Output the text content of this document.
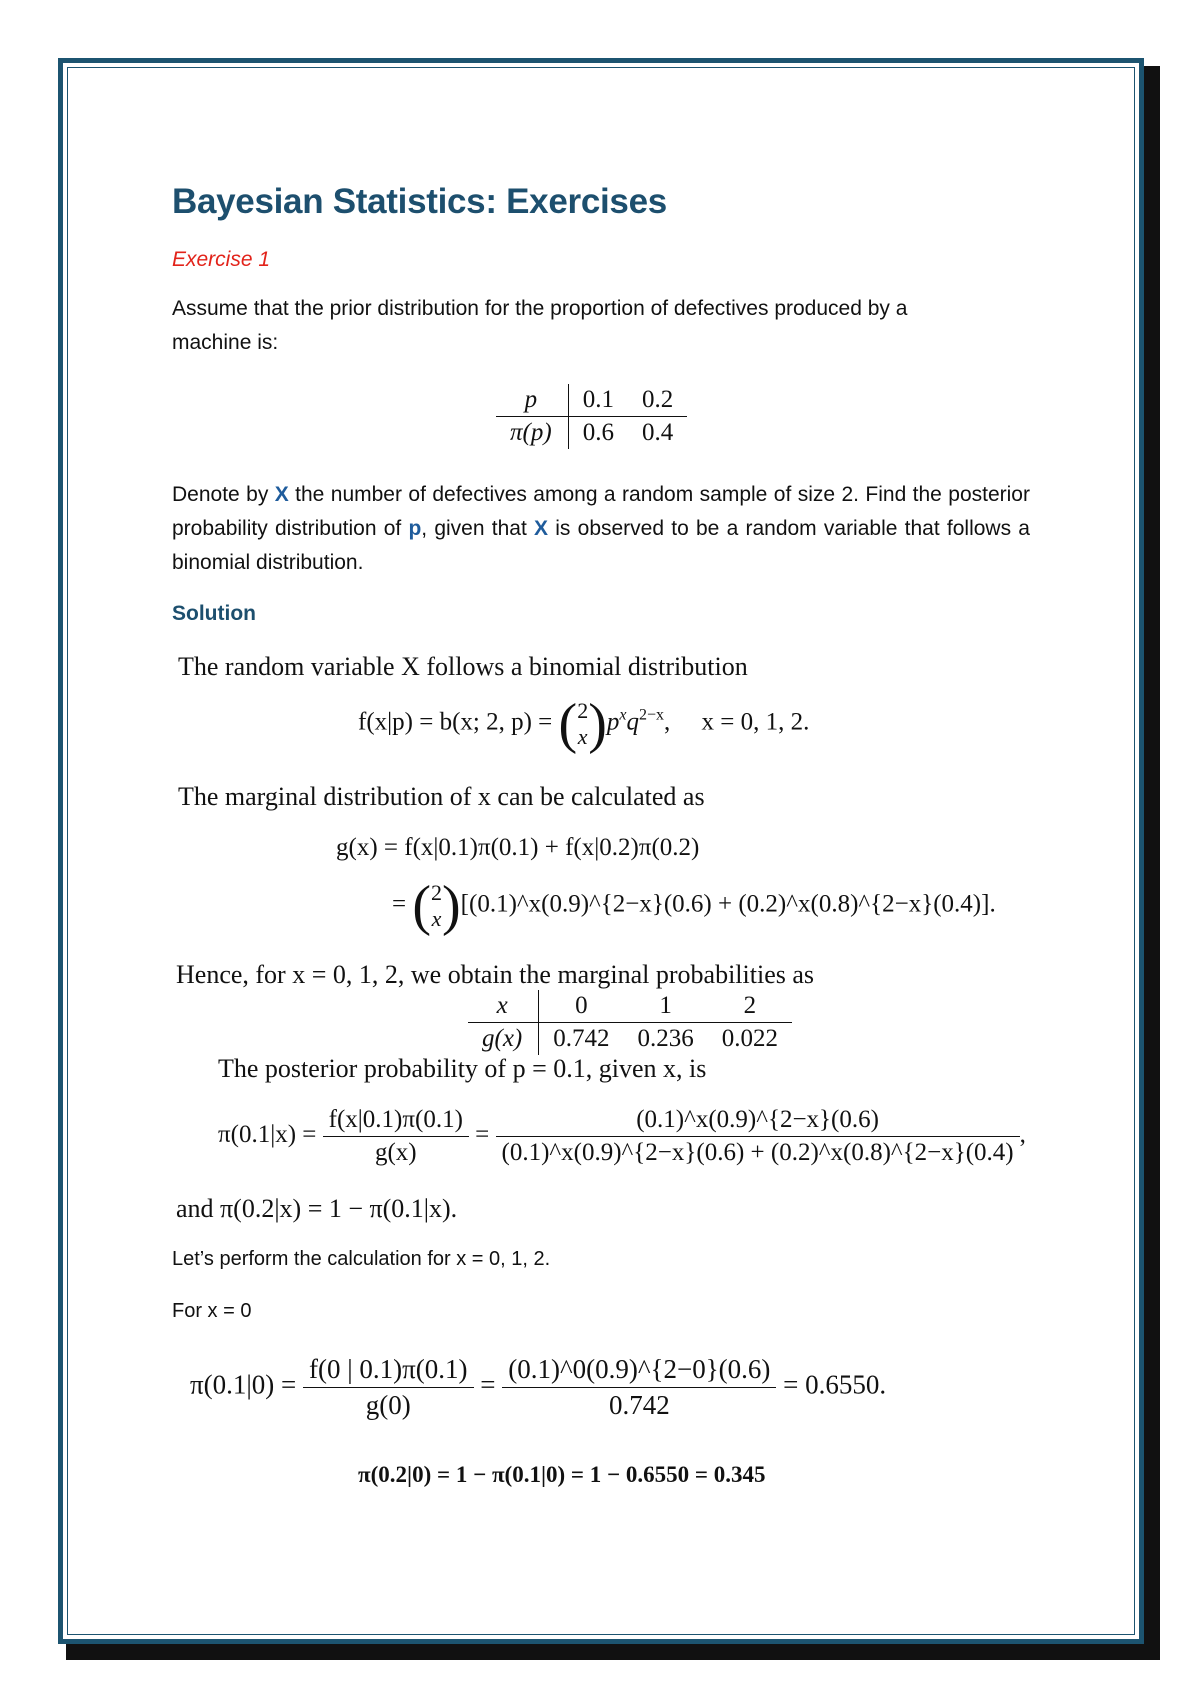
Bayesian Statistics: Exercises
Exercise 1
Assume that the prior distribution for the proportion of defectives produced by a
machine is:
p	0.1	0.2
π(p)	0.6	0.4
Denote by X the number of defectives among a random sample of size 2. Find the posterior probability distribution of p, given that X is observed to be a random variable that follows a binomial distribution.
Solution
The random variable X follows a binomial distribution
f(x|p) = b(x; 2, p) = ( 2
x )$p^xq^{2-x}$,     x = 0, 1, 2.
The marginal distribution of x can be calculated as
g(x) = f(x|0.1)π(0.1) + f(x|0.2)π(0.2)
= ( 2
x )[(0.1)^x(0.9)^{2−x}(0.6) + (0.2)^x(0.8)^{2−x}(0.4)].
Hence, for x = 0, 1, 2, we obtain the marginal probabilities as
x	0	1	2
g(x)	0.742	0.236	0.022
The posterior probability of p = 0.1, given x, is
$\pi(0.1|x) = \frac{f(x|0.1)\pi(0.1)}{g(x)} = \frac{(0.1)\^{}x(0.9)\^{}\{2-x\}(0.6)}{(0.1)\^{}x(0.9)\^{}\{2-x\}(0.6) + (0.2)\^{}x(0.8)\^{}\{2-x\}(0.4)}$ ,
and π(0.2|x) = 1 − π(0.1|x).
Let’s perform the calculation for x = 0, 1, 2.
For x = 0
$\pi(0.1|0) = \frac{f(0 | 0.1)\pi(0.1)}{g(0)} = \frac{(0.1)\^{}0(0.9)\^{}\{2-0\}(0.6)}{0.742} = 0.6550$.
π(0.2|0) = 1 − π(0.1|0) = 1 − 0.6550 = 0.345
